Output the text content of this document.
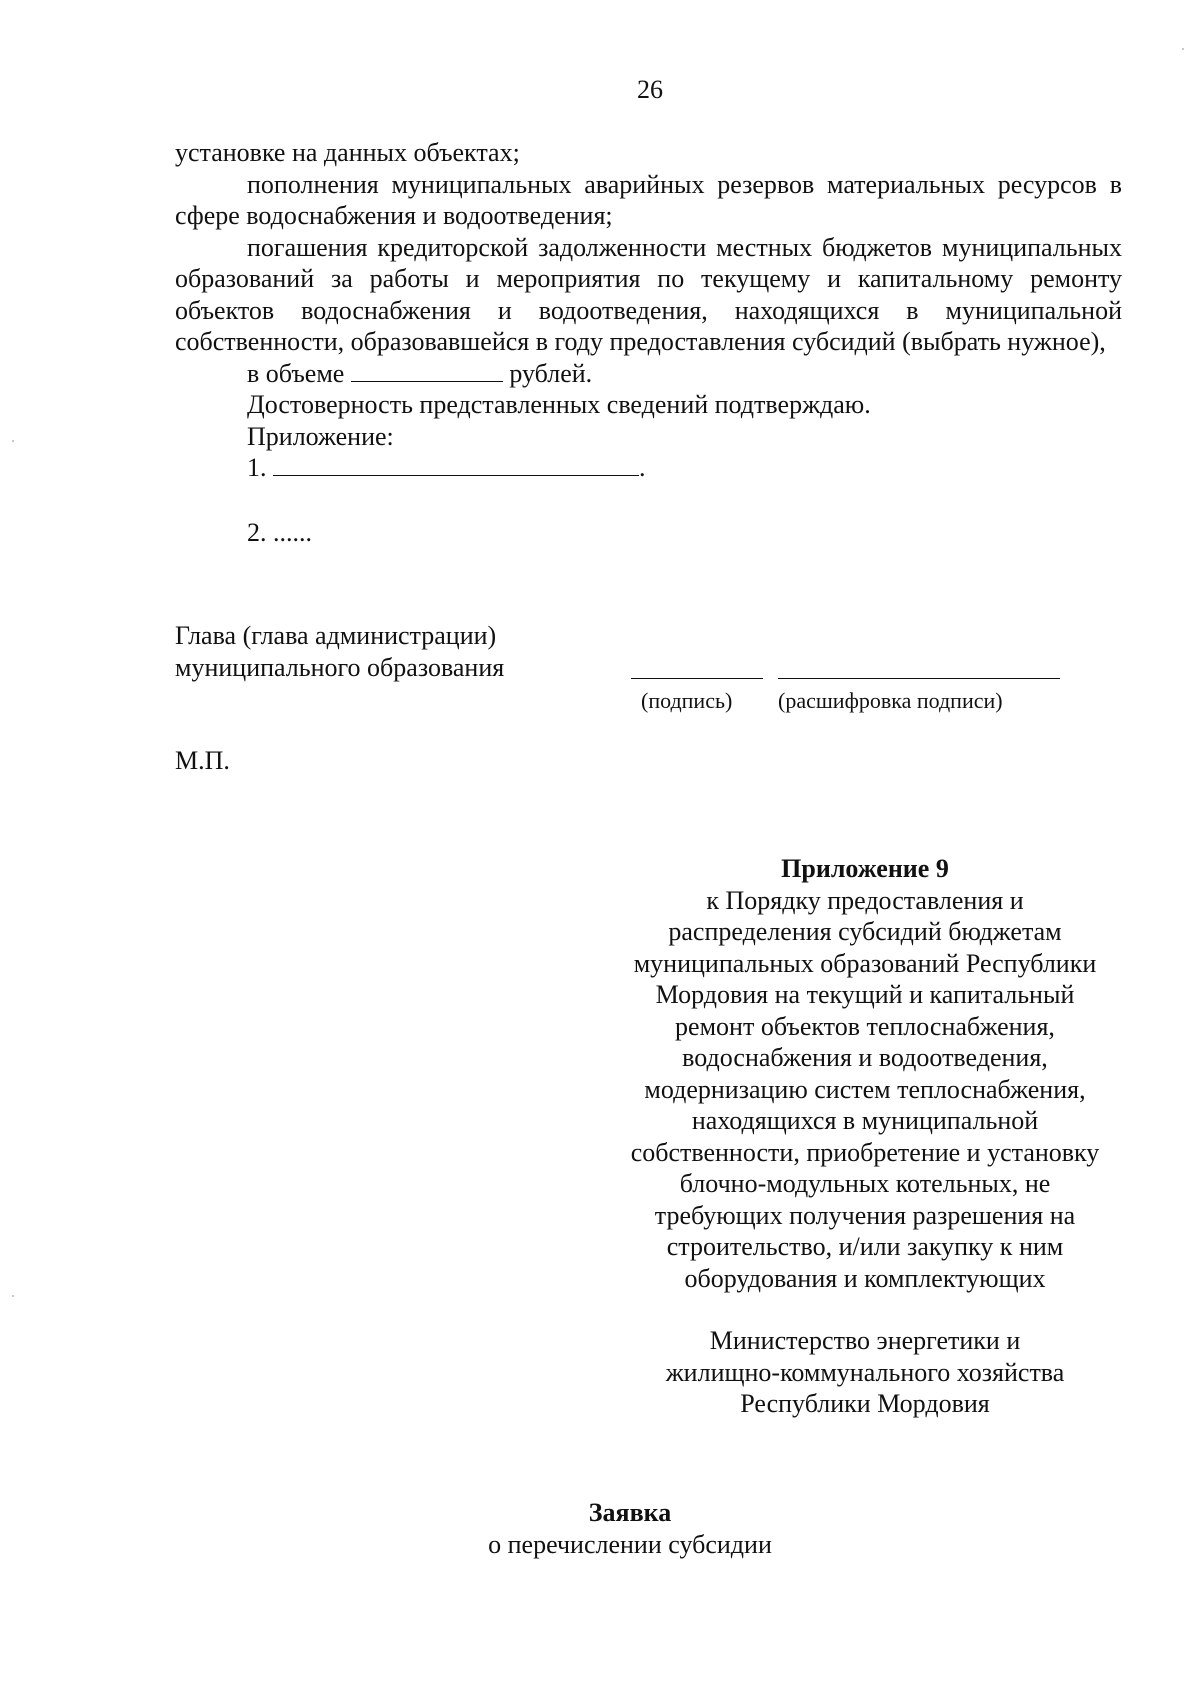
26

установке на данных объектах;

пополнения муниципальных аварийных резервов материальных ресурсов в сфере водоснабжения и водоотведения;

погашения кредиторской задолженности местных бюджетов муниципальных образований за работы и мероприятия по текущему и капитальному ремонту объектов водоснабжения и водоотведения, находящихся в муниципальной собственности, образовавшейся в году предоставления субсидий (выбрать нужное),

в объеме	рублей.

Достоверность представленных сведений подтверждаю.

Приложение:

1.	.

2. ......

Глава (глава администрации)

муниципального образования

(подпись) (расшифровка подписи)
М.П.

Приложение 9

к Порядку предоставления и

распределения субсидий бюджетам

муниципальных образований Республики

Мордовия на текущий и капитальный

ремонт объектов теплоснабжения,

водоснабжения и водоотведения,

модернизацию систем теплоснабжения,

находящихся в муниципальной

собственности, приобретение и установку

блочно-модульных котельных, не

требующих получения разрешения на

строительство, и/или закупку к ним

оборудования и комплектующих

Министерство энергетики и

жилищно-коммунального хозяйства

Республики Мордовия

Заявка

о перечислении субсидии
